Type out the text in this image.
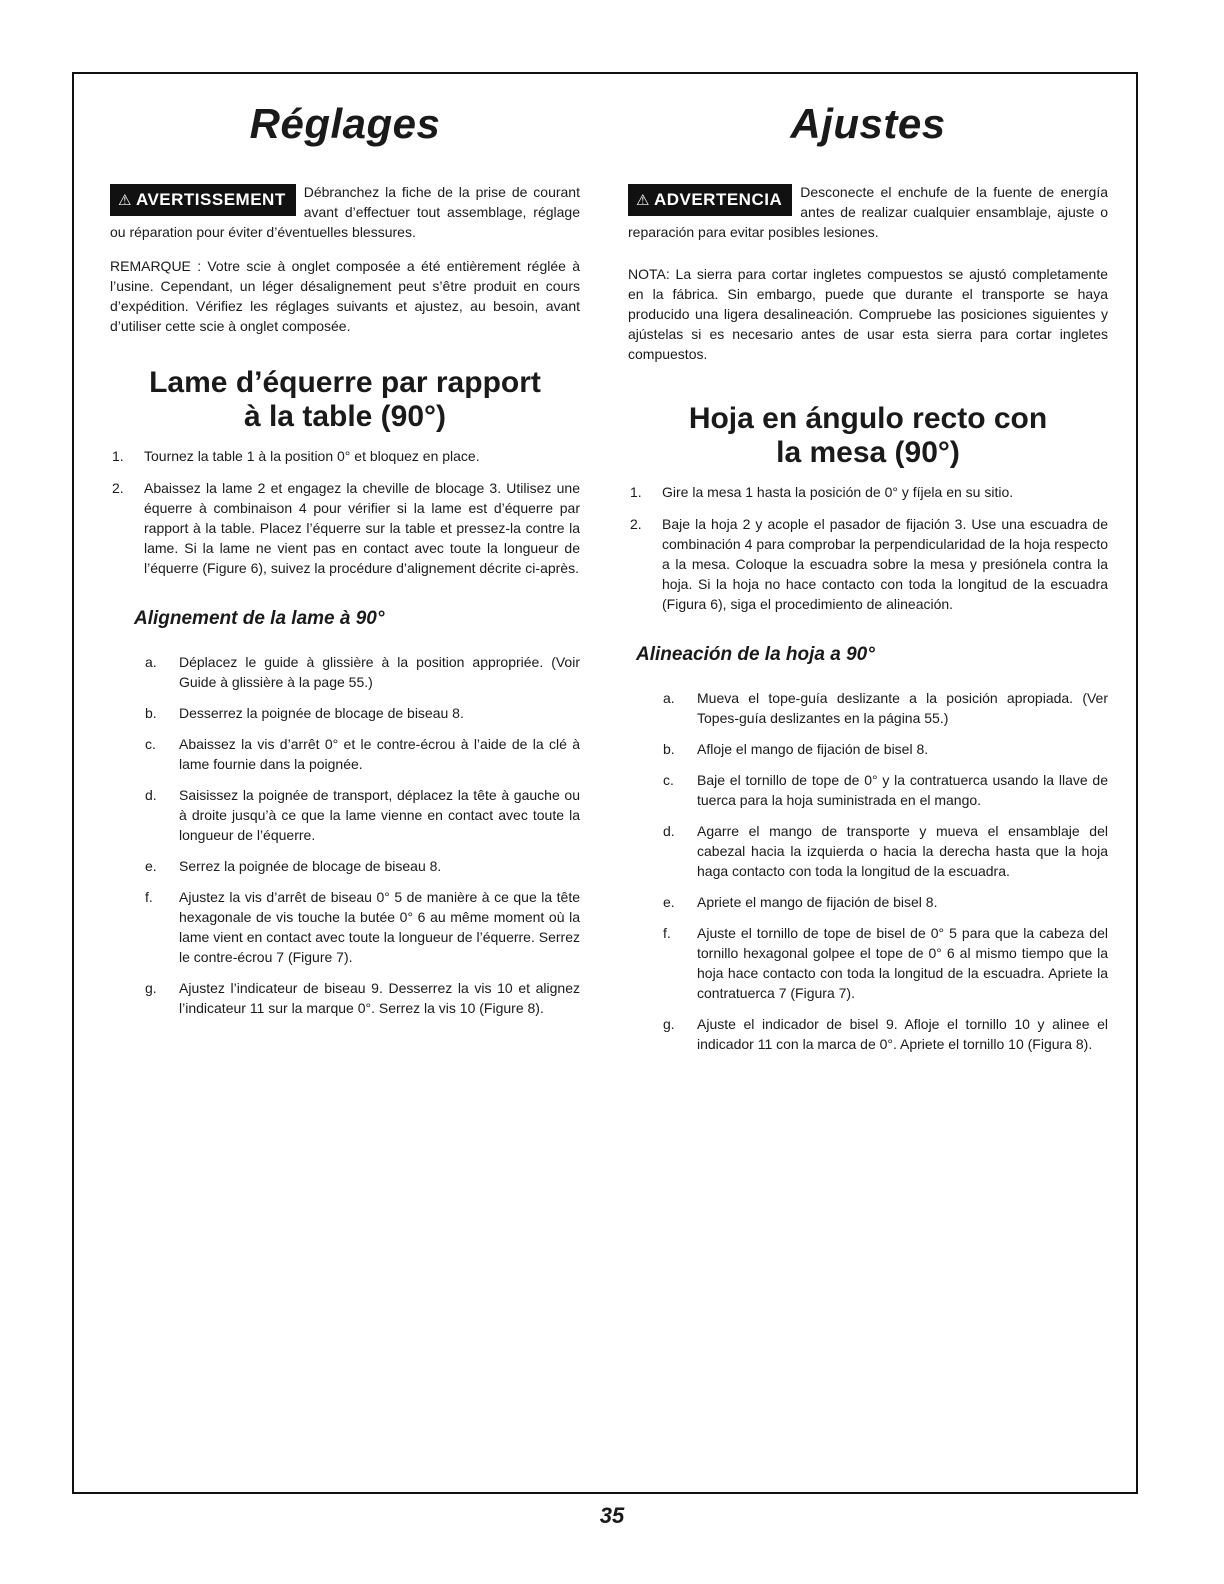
Réglages
⚠ AVERTISSEMENT	Débranchez la fiche de la prise de courant avant d’effectuer tout assemblage, réglage ou réparation pour éviter d’éventuelles blessures.

REMARQUE : Votre scie à onglet composée a été entièrement réglée à l’usine. Cependant, un léger désalignement peut s’être produit en cours d’expédition. Vérifiez les réglages suivants et ajustez, au besoin, avant d’utiliser cette scie à onglet composée.

Lame d’équerre par rapport
à la table (90°)
1. Tournez la table 1 à la position 0° et bloquez en place.
2. Abaissez la lame 2 et engagez la cheville de blocage 3. Utilisez une équerre à combinaison 4 pour vérifier si la lame est d’équerre par rapport à la table. Placez l’équerre sur la table et pressez-la contre la lame. Si la lame ne vient pas en contact avec toute la longueur de l’équerre (Figure 6), suivez la procédure d’alignement décrite ci-après.
Alignement de la lame à 90°
a. Déplacez le guide à glissière à la position appropriée. (Voir Guide à glissière à la page 55.)
b. Desserrez la poignée de blocage de biseau 8.
c. Abaissez la vis d’arrêt 0° et le contre-écrou à l’aide de la clé à lame fournie dans la poignée.
d. Saisissez la poignée de transport, déplacez la tête à gauche ou à droite jusqu’à ce que la lame vienne en contact avec toute la longueur de l’équerre.
e. Serrez la poignée de blocage de biseau 8.
f. Ajustez la vis d’arrêt de biseau 0° 5 de manière à ce que la tête hexagonale de vis touche la butée 0° 6 au même moment où la lame vient en contact avec toute la longueur de l’équerre. Serrez le contre-écrou 7 (Figure 7).
g. Ajustez l’indicateur de biseau 9. Desserrez la vis 10 et alignez l’indicateur 11 sur la marque 0°. Serrez la vis 10 (Figure 8).
Ajustes
⚠ ADVERTENCIA	Desconecte el enchufe de la fuente de energía antes de realizar cualquier ensamblaje, ajuste o reparación para evitar posibles lesiones.

NOTA: La sierra para cortar ingletes compuestos se ajustó completamente en la fábrica. Sin embargo, puede que durante el transporte se haya producido una ligera desalineación. Compruebe las posiciones siguientes y ajústelas si es necesario antes de usar esta sierra para cortar ingletes compuestos.

Hoja en ángulo recto con
la mesa (90°)
1. Gire la mesa 1 hasta la posición de 0° y fíjela en su sitio.
2. Baje la hoja 2 y acople el pasador de fijación 3. Use una escuadra de combinación 4 para comprobar la perpendicularidad de la hoja respecto a la mesa. Coloque la escuadra sobre la mesa y presiónela contra la hoja. Si la hoja no hace contacto con toda la longitud de la escuadra (Figura 6), siga el procedimiento de alineación.
Alineación de la hoja a 90°
a. Mueva el tope-guía deslizante a la posición apropiada. (Ver Topes-guía deslizantes en la página 55.)
b. Afloje el mango de fijación de bisel 8.
c. Baje el tornillo de tope de 0° y la contratuerca usando la llave de tuerca para la hoja suministrada en el mango.
d. Agarre el mango de transporte y mueva el ensamblaje del cabezal hacia la izquierda o hacia la derecha hasta que la hoja haga contacto con toda la longitud de la escuadra.
e. Apriete el mango de fijación de bisel 8.
f. Ajuste el tornillo de tope de bisel de 0° 5 para que la cabeza del tornillo hexagonal golpee el tope de 0° 6 al mismo tiempo que la hoja hace contacto con toda la longitud de la escuadra. Apriete la contratuerca 7 (Figura 7).
g. Ajuste el indicador de bisel 9. Afloje el tornillo 10 y alinee el indicador 11 con la marca de 0°. Apriete el tornillo 10 (Figura 8).
35
